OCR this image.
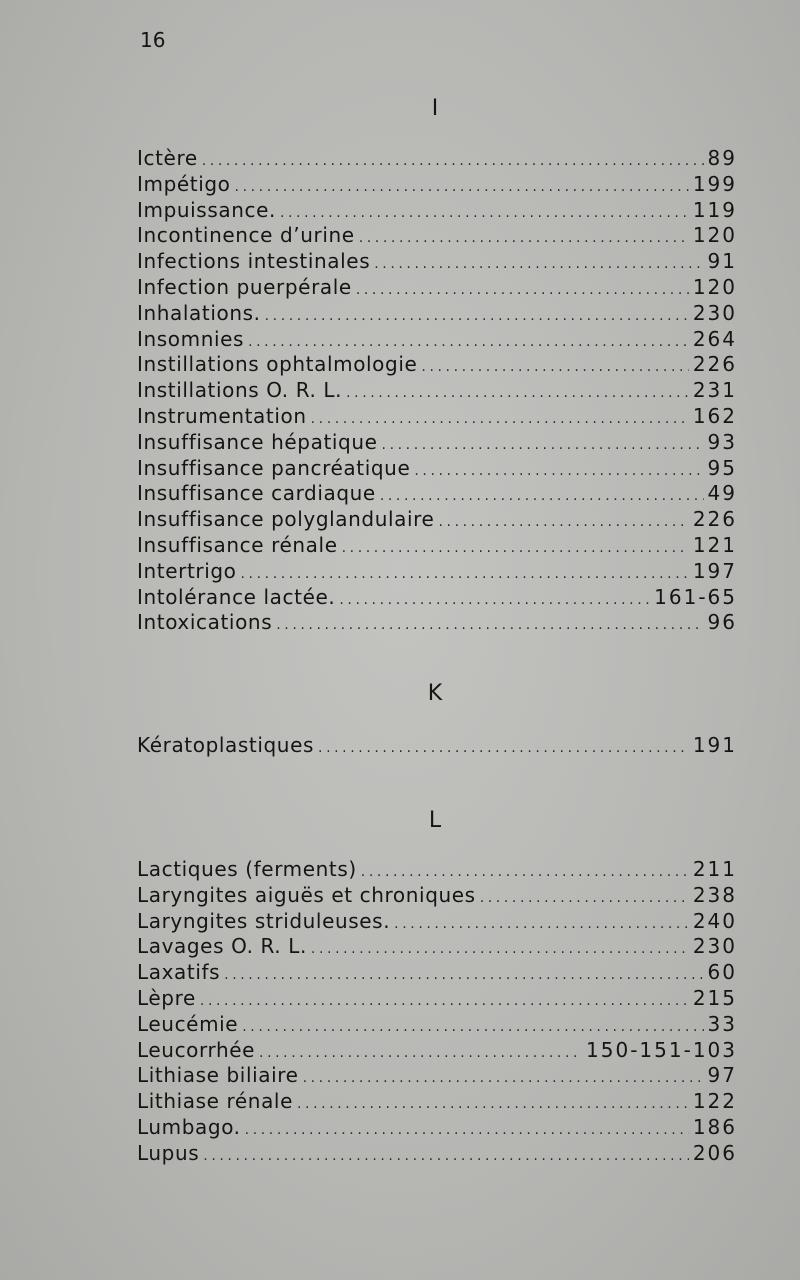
16
I
Ictère .....	89
Impétigo .....	199
Impuissance. .....	119
Incontinence d’urine .....	120
Infections intestinales .....	91
Infection puerpérale .....	120
Inhalations. .....	230
Insomnies .....	264
Instillations ophtalmologie .....	226
Instillations O. R. L. .....	231
Instrumentation .....	162
Insuffisance hépatique .....	93
Insuffisance pancréatique .....	95
Insuffisance cardiaque .....	49
Insuffisance polyglandulaire .....	226
Insuffisance rénale .....	121
Intertrigo .....	197
Intolérance lactée. .....	161-65
Intoxications .....	96
K
Kératoplastiques .....	191
L
Lactiques (ferments) .....	211
Laryngites aiguës et chroniques .....	238
Laryngites striduleuses. .....	240
Lavages O. R. L. .....	230
Laxatifs .....	60
Lèpre .....	215
Leucémie .....	33
Leucorrhée .....	150-151-103
Lithiase biliaire .....	97
Lithiase rénale .....	122
Lumbago. .....	186
Lupus .....	206
